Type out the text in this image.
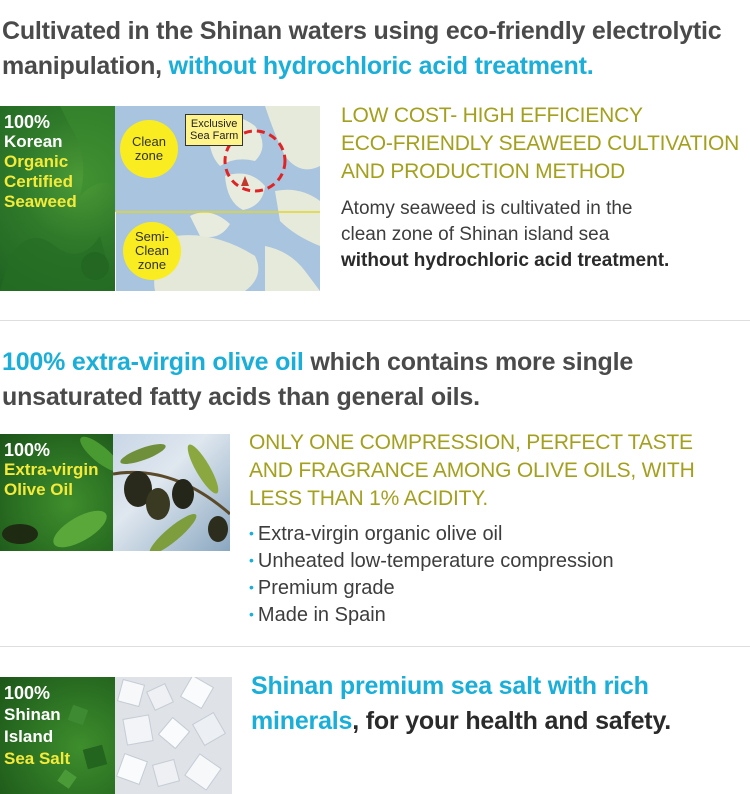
Cultivated in the Shinan waters using eco-friendly electrolytic manipulation, without hydrochloric acid treatment.

100%
Korean
Organic
Certified
Seaweed
Clean
zone
Semi-
Clean
zone
Exclusive
Sea Farm
LOW COST- HIGH EFFICIENCY
ECO-FRIENDLY SEAWEED CULTIVATION
AND PRODUCTION METHOD
Atomy seaweed is cultivated in the
clean zone of Shinan island sea
without hydrochloric acid treatment.

100% extra-virgin olive oil which contains more single unsaturated fatty acids than general oils.

100%
Extra-virgin
Olive Oil
ONLY ONE COMPRESSION, PERFECT TASTE
AND FRAGRANCE AMONG OLIVE OILS, WITH
LESS THAN 1% ACIDITY.
• Extra-virgin organic olive oil
• Unheated low-temperature compression
• Premium grade
• Made in Spain
100%
Shinan
Island
Sea Salt

Shinan premium sea salt with rich minerals, for your health and safety.
